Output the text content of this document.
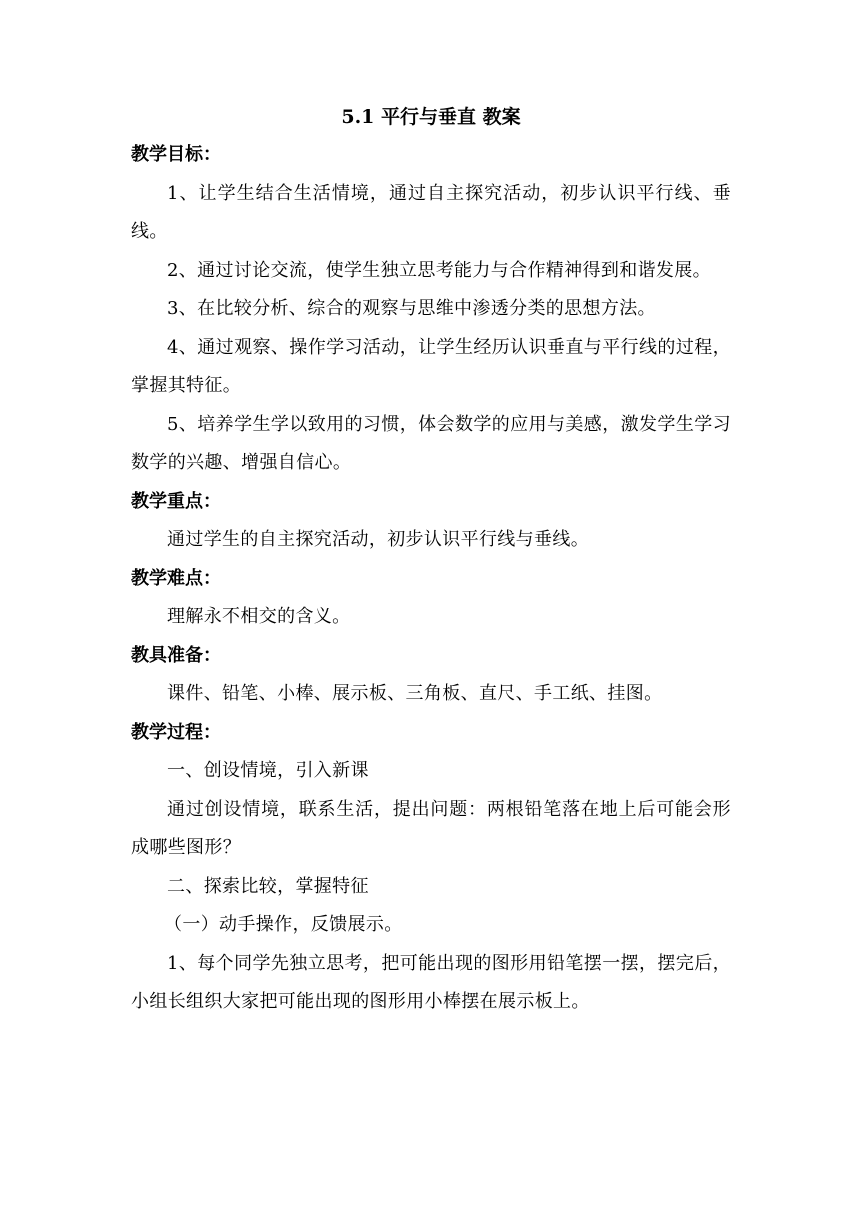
5.1 平行与垂直 教案

教学目标：

1、让学生结合生活情境，通过自主探究活动，初步认识平行线、垂线。

2、通过讨论交流，使学生独立思考能力与合作精神得到和谐发展。

3、在比较分析、综合的观察与思维中渗透分类的思想方法。

4、通过观察、操作学习活动，让学生经历认识垂直与平行线的过程，掌握其特征。

5、培养学生学以致用的习惯，体会数学的应用与美感，激发学生学习数学的兴趣、增强自信心。

教学重点：

通过学生的自主探究活动，初步认识平行线与垂线。

教学难点：

理解永不相交的含义。

教具准备：

课件、铅笔、小棒、展示板、三角板、直尺、手工纸、挂图。

教学过程：

一、创设情境，引入新课

通过创设情境，联系生活，提出问题：两根铅笔落在地上后可能会形成哪些图形？

二、探索比较，掌握特征

（一）动手操作，反馈展示。

1、每个同学先独立思考，把可能出现的图形用铅笔摆一摆，摆完后，小组长组织大家把可能出现的图形用小棒摆在展示板上。
